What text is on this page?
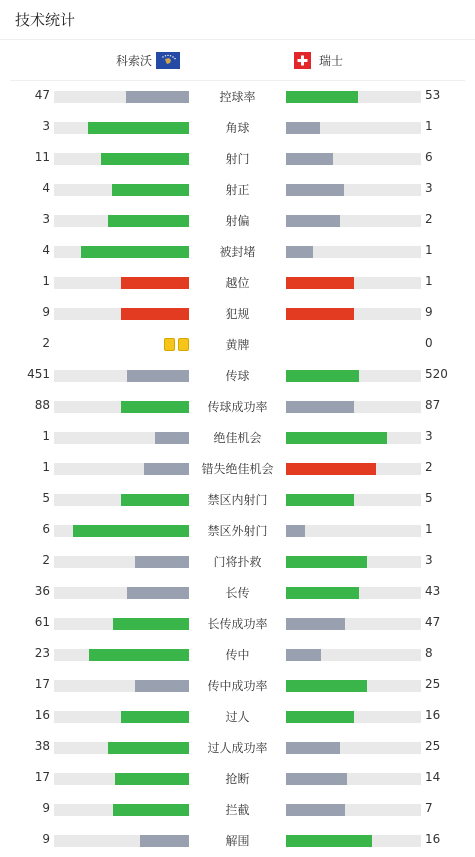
技术统计
科索沃	瑞士
47	控球率	53
3	角球	1
11	射门	6
4	射正	3
3	射偏	2
4	被封堵	1
1	越位	1
9	犯规	9
2	黄牌	0
451	传球	520
88	传球成功率	87
1	绝佳机会	3
1	错失绝佳机会	2
5	禁区内射门	5
6	禁区外射门	1
2	门将扑救	3
36	长传	43
61	长传成功率	47
23	传中	8
17	传中成功率	25
16	过人	16
38	过人成功率	25
17	抢断	14
9	拦截	7
9	解围	16
